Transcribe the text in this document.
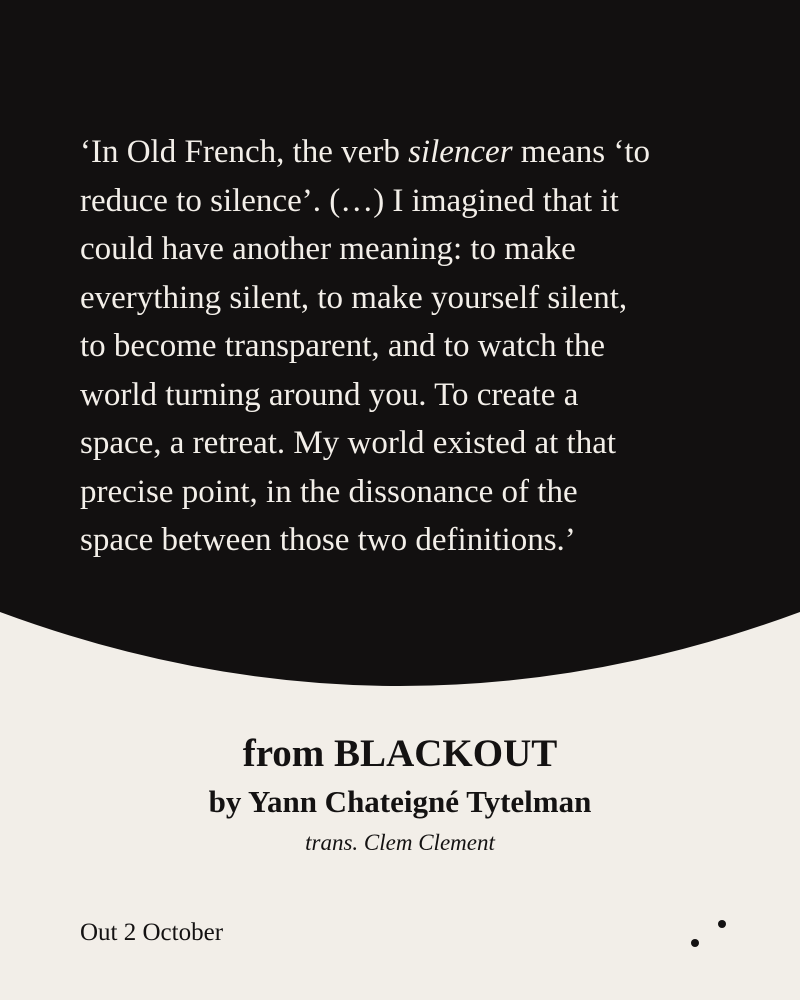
‘In Old French, the verb silencer means ‘to
reduce to silence’. (…) I imagined that it
could have another meaning: to make
everything silent, to make yourself silent,
to become transparent, and to watch the
world turning around you. To create a
space, a retreat. My world existed at that
precise point, in the dissonance of the
space between those two definitions.’

from BLACKOUT
by Yann Chateigné Tytelman

trans. Clem Clement

Out 2 October
